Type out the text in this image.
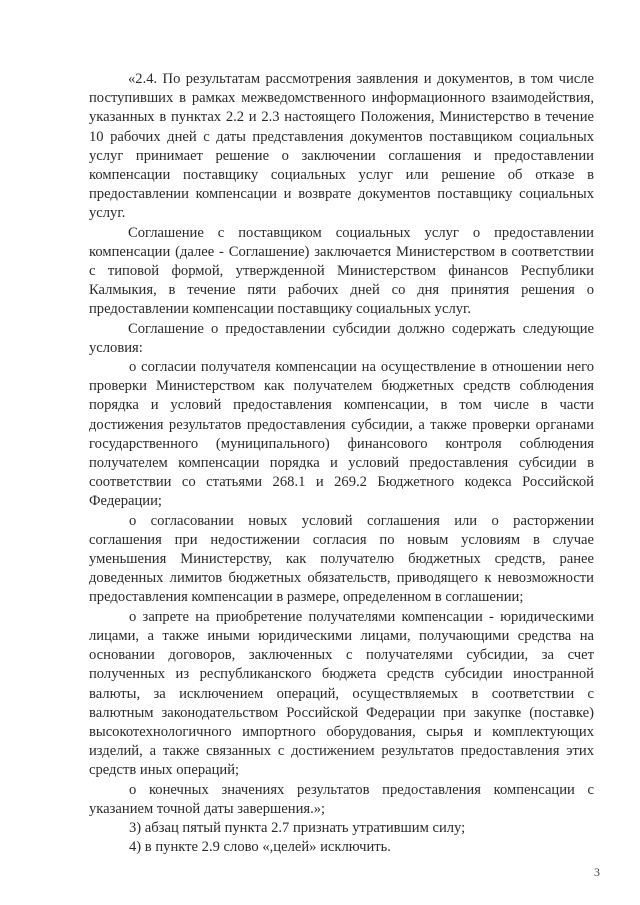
«2.4. По результатам рассмотрения заявления и документов, в том числе поступивших в рамках межведомственного информационного взаимодействия, указанных в пунктах 2.2 и 2.3 настоящего Положения, Министерство в течение 10 рабочих дней с даты представления документов поставщиком социальных услуг принимает решение о заключении соглашения и предоставлении компенсации поставщику социальных услуг или решение об отказе в предоставлении компенсации и возврате документов поставщику социальных услуг.

Соглашение с поставщиком социальных услуг о предоставлении компенсации (далее - Соглашение) заключается Министерством в соответствии с типовой формой, утвержденной Министерством финансов Республики Калмыкия, в течение пяти рабочих дней со дня принятия решения о предоставлении компенсации поставщику социальных услуг.

Соглашение о предоставлении субсидии должно содержать следующие условия:

о согласии получателя компенсации на осуществление в отношении него проверки Министерством как получателем бюджетных средств соблюдения порядка и условий предоставления компенсации, в том числе в части достижения результатов предоставления субсидии, а также проверки органами государственного (муниципального) финансового контроля соблюдения получателем компенсации порядка и условий предоставления субсидии в соответствии со статьями 268.1 и 269.2 Бюджетного кодекса Российской Федерации;

о согласовании новых условий соглашения или о расторжении соглашения при недостижении согласия по новым условиям в случае уменьшения Министерству, как получателю бюджетных средств, ранее доведенных лимитов бюджетных обязательств, приводящего к невозможности предоставления компенсации в размере, определенном в соглашении;

о запрете на приобретение получателями компенсации - юридическими лицами, а также иными юридическими лицами, получающими средства на основании договоров, заключенных с получателями субсидии, за счет полученных из республиканского бюджета средств субсидии иностранной валюты, за исключением операций, осуществляемых в соответствии с валютным законодательством Российской Федерации при закупке (поставке) высокотехнологичного импортного оборудования, сырья и комплектующих изделий, а также связанных с достижением результатов предоставления этих средств иных операций;

о конечных значениях результатов предоставления компенсации с указанием точной даты завершения.»;

3) абзац пятый пункта 2.7 признать утратившим силу;

4) в пункте 2.9 слово «,целей» исключить.

3
